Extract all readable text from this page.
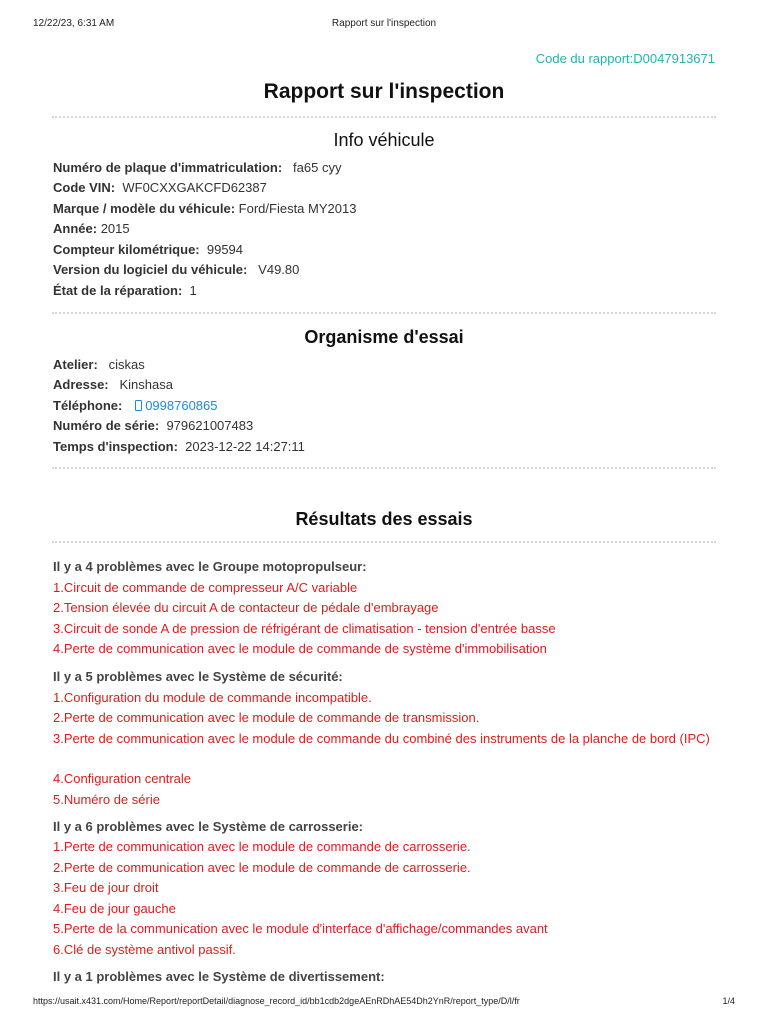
12/22/23, 6:31 AM	Rapport sur l'inspection
Code du rapport:D0047913671
Rapport sur l'inspection
Info véhicule
Numéro de plaque d'immatriculation: fa65 cyy
Code VIN: WF0CXXGAKCFD62387
Marque / modèle du véhicule: Ford/Fiesta MY2013
Année: 2015
Compteur kilométrique: 99594
Version du logiciel du véhicule: V49.80
État de la réparation: 1
Organisme d'essai
Atelier: ciskas
Adresse: Kinshasa
Téléphone: 0998760865
Numéro de série: 979621007483
Temps d'inspection: 2023-12-22 14:27:11
Résultats des essais
Il y a 4 problèmes avec le Groupe motopropulseur:
1.Circuit de commande de compresseur A/C variable
2.Tension élevée du circuit A de contacteur de pédale d'embrayage
3.Circuit de sonde A de pression de réfrigérant de climatisation - tension d'entrée basse
4.Perte de communication avec le module de commande de système d'immobilisation
Il y a 5 problèmes avec le Système de sécurité:
1.Configuration du module de commande incompatible.
2.Perte de communication avec le module de commande de transmission.
3.Perte de communication avec le module de commande du combiné des instruments de la planche de bord (IPC)
4.Configuration centrale
5.Numéro de série
Il y a 6 problèmes avec le Système de carrosserie:
1.Perte de communication avec le module de commande de carrosserie.
2.Perte de communication avec le module de commande de carrosserie.
3.Feu de jour droit
4.Feu de jour gauche
5.Perte de la communication avec le module d'interface d'affichage/commandes avant
6.Clé de système antivol passif.
Il y a 1 problèmes avec le Système de divertissement:
https://usait.x431.com/Home/Report/reportDetail/diagnose_record_id/bb1cdb2dgeAEnRDhAE54Dh2YnR/report_type/D/l/fr	1/4
